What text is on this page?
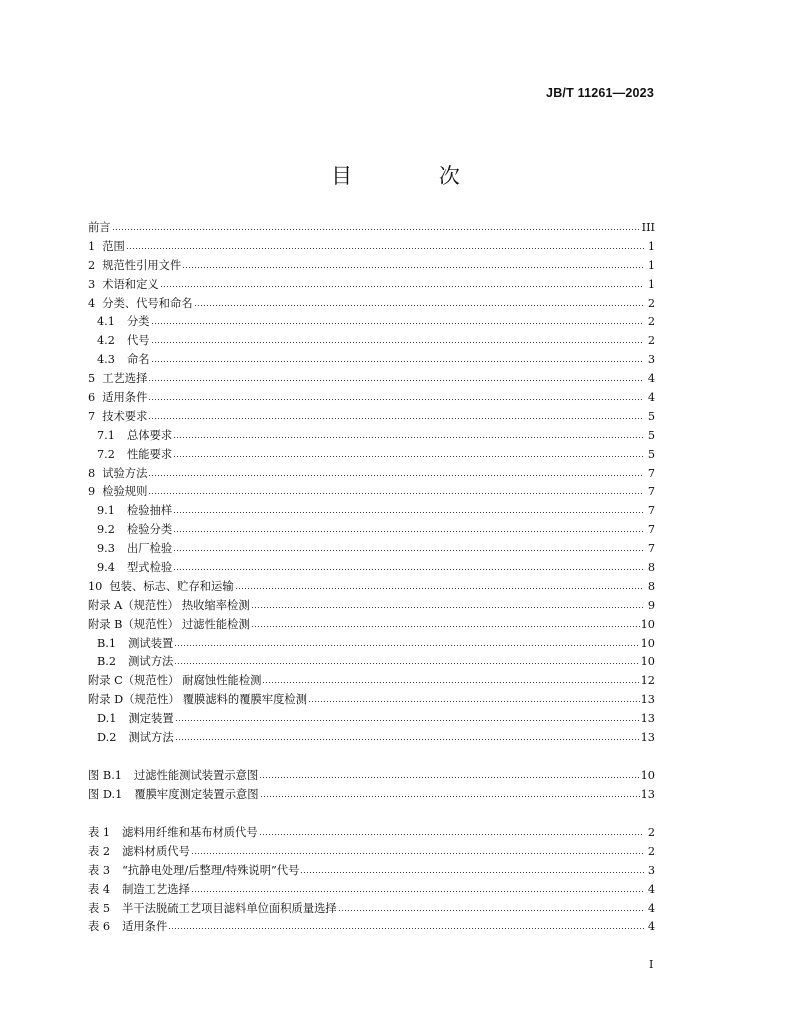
JB/T 11261—2023
目 次
前言	III
1 范围	1
2 规范性引用文件	1
3 术语和定义	1
4 分类、代号和命名	2
4.1 分类	2
4.2 代号	2
4.3 命名	3
5 工艺选择	4
6 适用条件	4
7 技术要求	5
7.1 总体要求	5
7.2 性能要求	5
8 试验方法	7
9 检验规则	7
9.1 检验抽样	7
9.2 检验分类	7
9.3 出厂检验	7
9.4 型式检验	8
10 包装、标志、贮存和运输	8
附录 A（规范性） 热收缩率检测	9
附录 B（规范性） 过滤性能检测	10
B.1 测试装置	10
B.2 测试方法	10
附录 C（规范性） 耐腐蚀性能检测	12
附录 D（规范性） 覆膜滤料的覆膜牢度检测	13
D.1 测定装置	13
D.2 测试方法	13
图 B.1 过滤性能测试装置示意图	10
图 D.1 覆膜牢度测定装置示意图	13
表 1 滤料用纤维和基布材质代号	2
表 2 滤料材质代号	2
表 3 “抗静电处理/后整理/特殊说明”代号	3
表 4 制造工艺选择	4
表 5 半干法脱硫工艺项目滤料单位面积质量选择	4
表 6 适用条件	4
I
